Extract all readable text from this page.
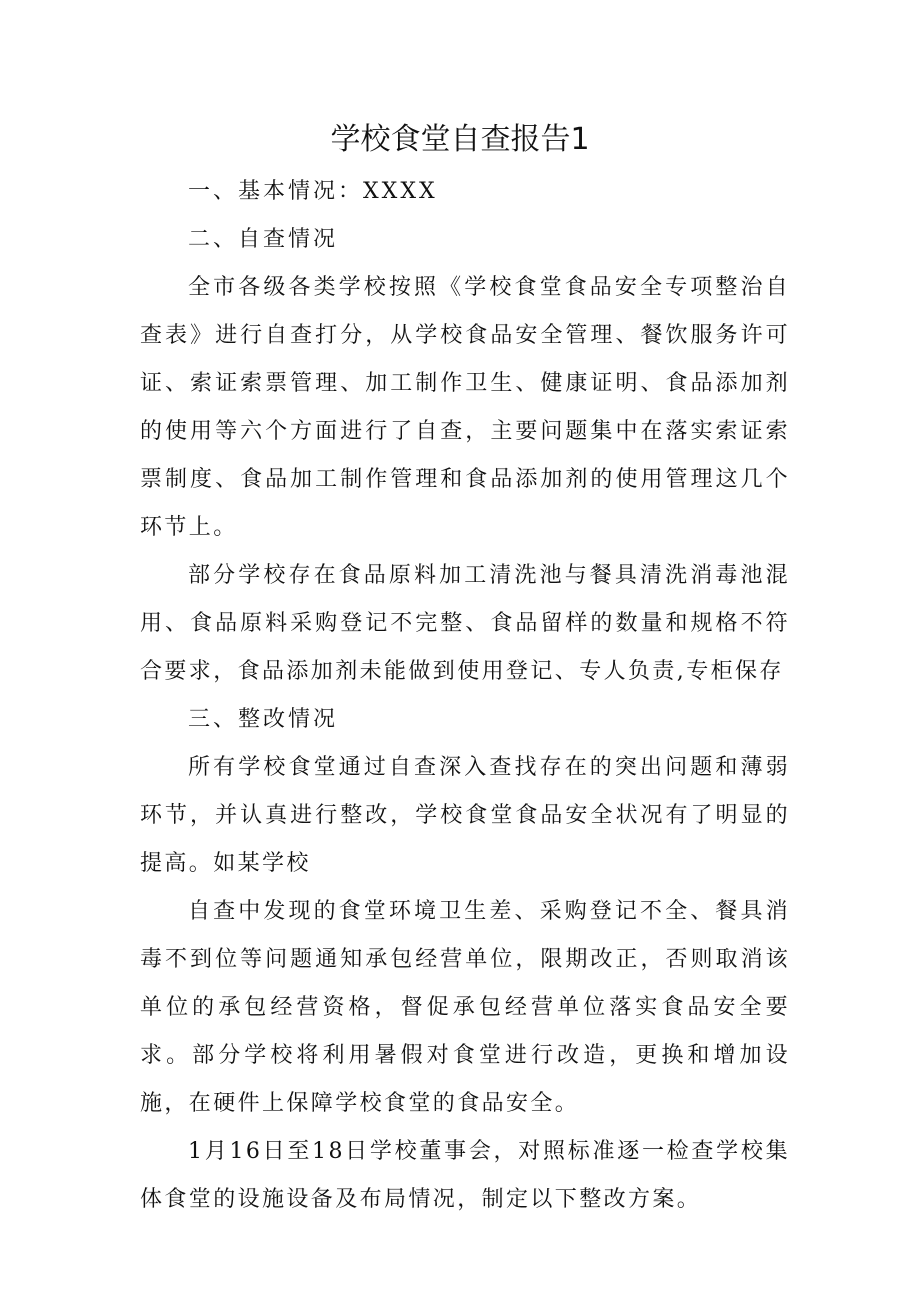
学校食堂自查报告1

一、基本情况：XXXX

二、自查情况

全市各级各类学校按照《学校食堂食品安全专项整治自查表》进行自查打分，从学校食品安全管理、餐饮服务许可证、索证索票管理、加工制作卫生、健康证明、食品添加剂的使用等六个方面进行了自查，主要问题集中在落实索证索票制度、食品加工制作管理和食品添加剂的使用管理这几个环节上。

部分学校存在食品原料加工清洗池与餐具清洗消毒池混用、食品原料采购登记不完整、食品留样的数量和规格不符合要求，食品添加剂未能做到使用登记、专人负责,专柜保存

三、整改情况

所有学校食堂通过自查深入查找存在的突出问题和薄弱环节，并认真进行整改，学校食堂食品安全状况有了明显的提高。如某学校

自查中发现的食堂环境卫生差、采购登记不全、餐具消毒不到位等问题通知承包经营单位，限期改正，否则取消该单位的承包经营资格，督促承包经营单位落实食品安全要求。部分学校将利用暑假对食堂进行改造，更换和增加设施，在硬件上保障学校食堂的食品安全。

1月16日至18日学校董事会，对照标准逐一检查学校集体食堂的设施设备及布局情况，制定以下整改方案。
